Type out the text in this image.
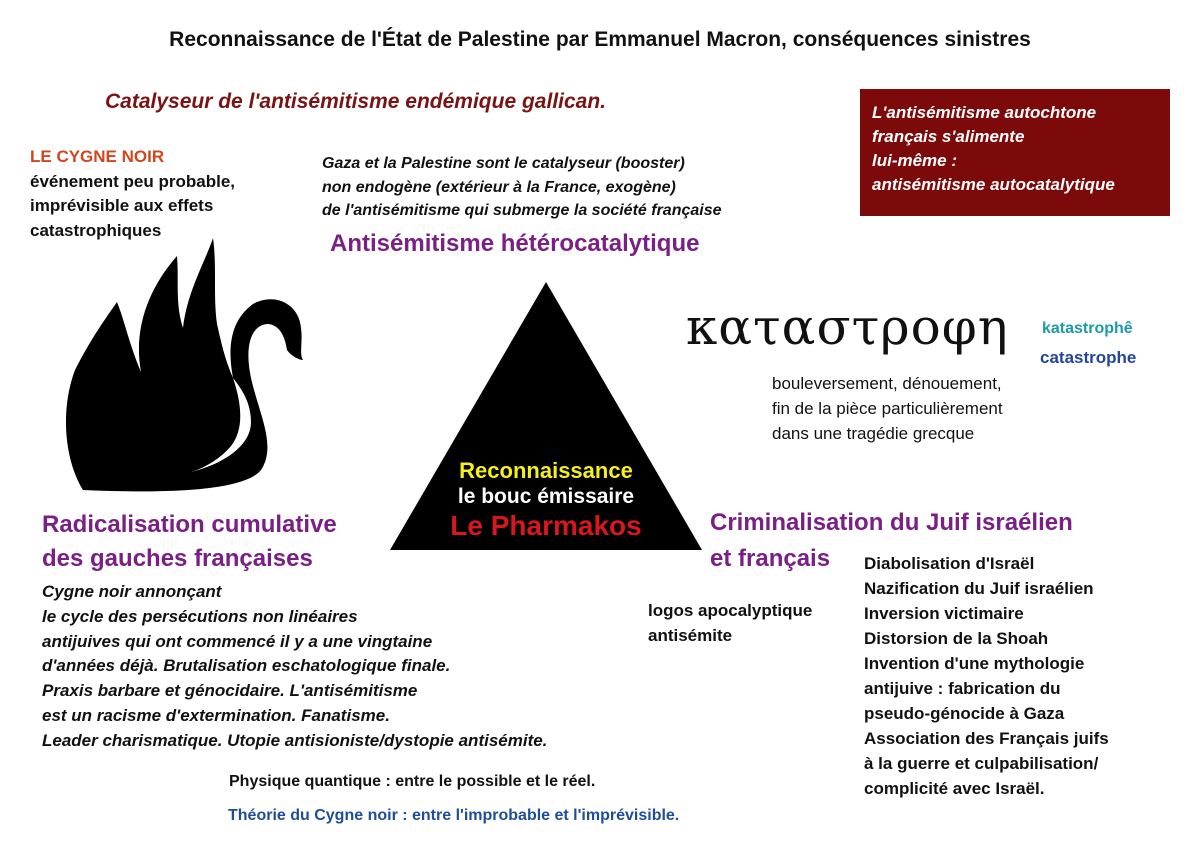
Reconnaissance de l'État de Palestine par Emmanuel Macron, conséquences sinistres
Catalyseur de l'antisémitisme endémique gallican.	L'antisémitisme autochtone
français s'alimente
lui-même :
antisémitisme autocatalytique
LE CYGNE NOIR
événement peu probable,
imprévisible aux effets
catastrophiques
Gaza et la Palestine sont le catalyseur (booster)
non endogène (extérieur à la France, exogène)
de l'antisémitisme qui submerge la société française
Antisémitisme hétérocatalytique
καταστροφη katastrophê
catastrophe
bouleversement, dénouement,
fin de la pièce particulièrement
dans une tragédie grecque
Reconnaissance
le bouc émissaire
Le Pharmakos
Radicalisation cumulative
des gauches françaises
Criminalisation du Juif israélien
et français
Cygne noir annonçant
le cycle des persécutions non linéaires
antijuives qui ont commencé il y a une vingtaine
d'années déjà. Brutalisation eschatologique finale.
Praxis barbare et génocidaire. L'antisémitisme
est un racisme d'extermination. Fanatisme.
Leader charismatique. Utopie antisioniste/dystopie antisémite.
logos apocalyptique
antisémite
Diabolisation d'Israël
Nazification du Juif israélien
Inversion victimaire
Distorsion de la Shoah
Invention d'une mythologie
antijuive : fabrication du
pseudo-génocide à Gaza
Association des Français juifs
à la guerre et culpabilisation/
complicité avec Israël.
Physique quantique : entre le possible et le réel.
Théorie du Cygne noir : entre l'improbable et l'imprévisible.
